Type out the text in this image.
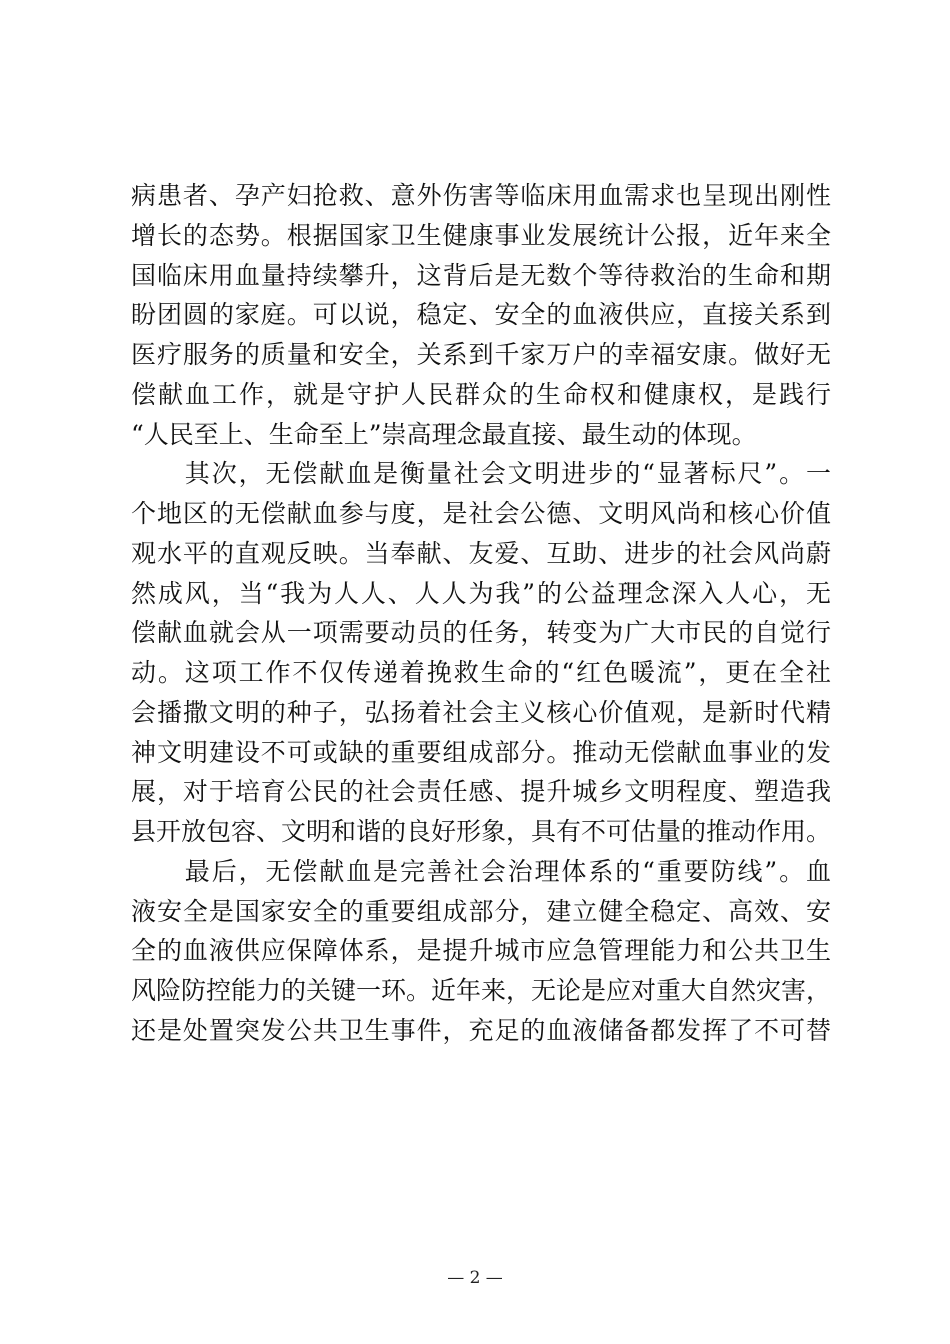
病患者、孕产妇抢救、意外伤害等临床用血需求也呈现出刚性
增长的态势。根据国家卫生健康事业发展统计公报，近年来全
国临床用血量持续攀升，这背后是无数个等待救治的生命和期
盼团圆的家庭。可以说，稳定、安全的血液供应，直接关系到
医疗服务的质量和安全，关系到千家万户的幸福安康。做好无
偿献血工作，就是守护人民群众的生命权和健康权，是践行
“人民至上、生命至上”崇高理念最直接、最生动的体现。
　　其次，无偿献血是衡量社会文明进步的“显著标尺”。一
个地区的无偿献血参与度，是社会公德、文明风尚和核心价值
观水平的直观反映。当奉献、友爱、互助、进步的社会风尚蔚
然成风，当“我为人人、人人为我”的公益理念深入人心，无
偿献血就会从一项需要动员的任务，转变为广大市民的自觉行
动。这项工作不仅传递着挽救生命的“红色暖流”，更在全社
会播撒文明的种子，弘扬着社会主义核心价值观，是新时代精
神文明建设不可或缺的重要组成部分。推动无偿献血事业的发
展，对于培育公民的社会责任感、提升城乡文明程度、塑造我
县开放包容、文明和谐的良好形象，具有不可估量的推动作用。
　　最后，无偿献血是完善社会治理体系的“重要防线”。血
液安全是国家安全的重要组成部分，建立健全稳定、高效、安
全的血液供应保障体系，是提升城市应急管理能力和公共卫生
风险防控能力的关键一环。近年来，无论是应对重大自然灾害，
还是处置突发公共卫生事件，充足的血液储备都发挥了不可替
— 2 —
